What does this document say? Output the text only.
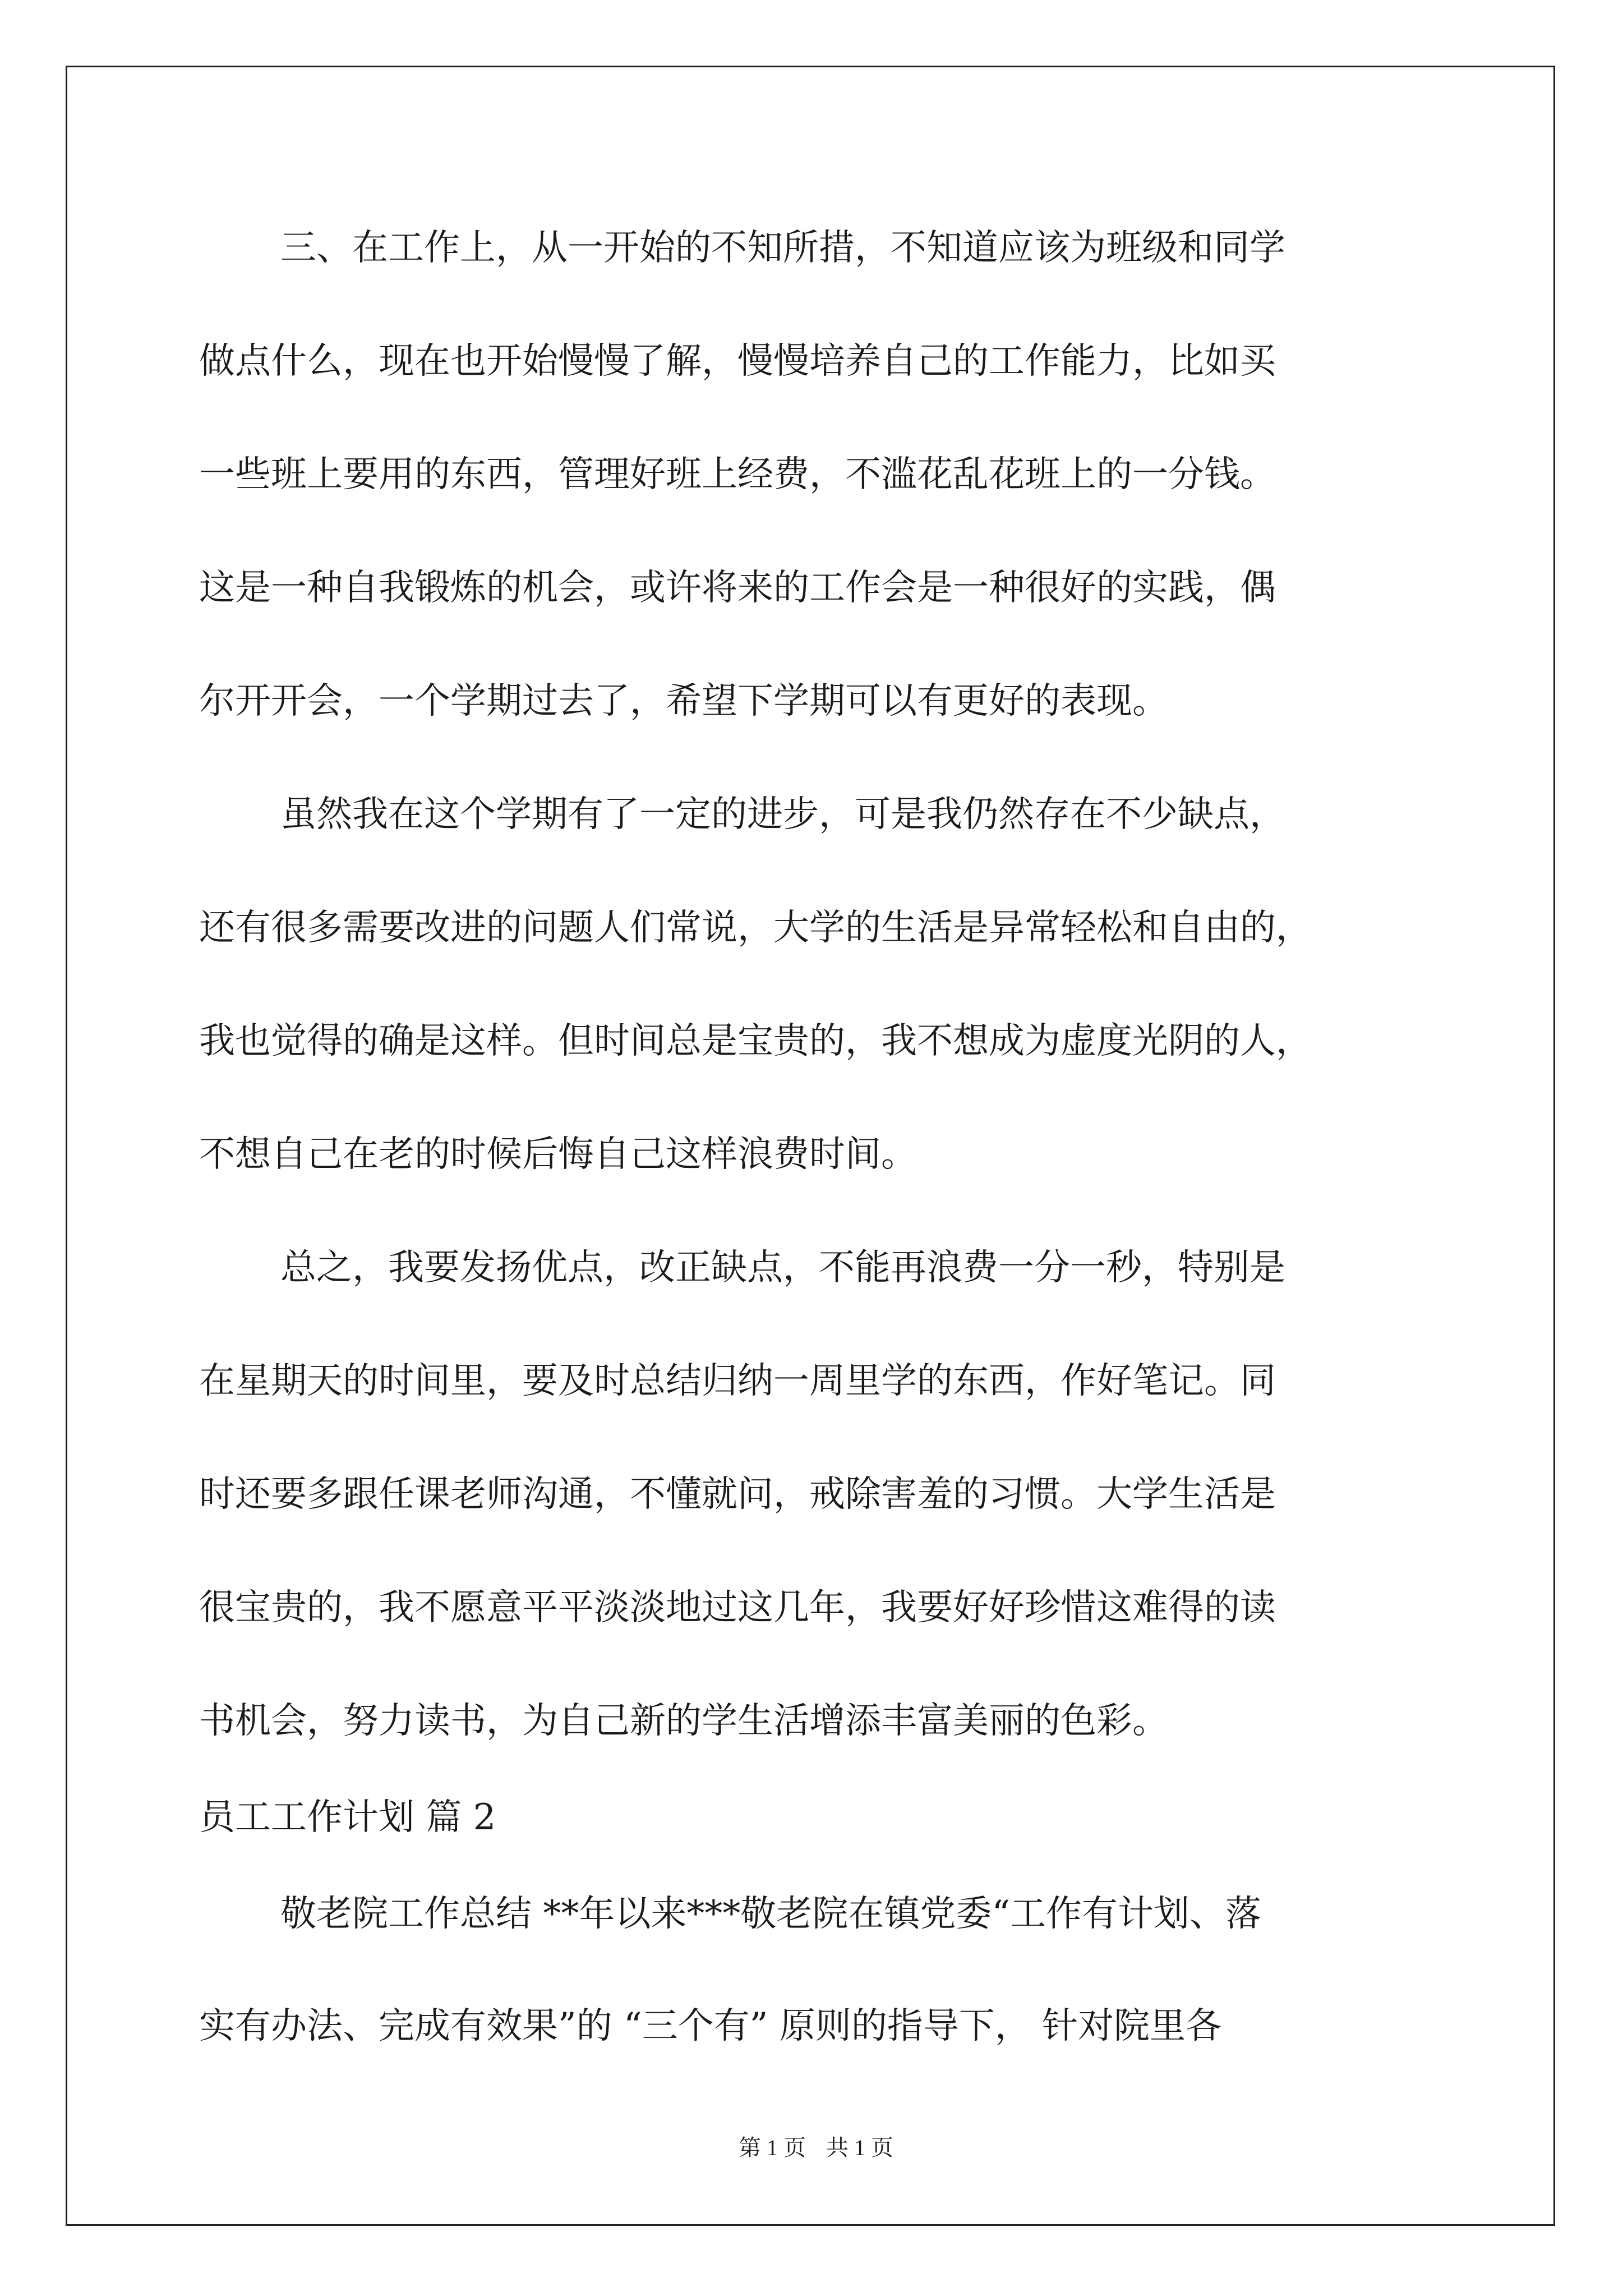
三、在工作上，从一开始的不知所措，不知道应该为班级和同学
做点什么，现在也开始慢慢了解，慢慢培养自己的工作能力，比如买
一些班上要用的东西，管理好班上经费，不滥花乱花班上的一分钱。
这是一种自我锻炼的机会，或许将来的工作会是一种很好的实践，偶
尔开开会，一个学期过去了，希望下学期可以有更好的表现。
虽然我在这个学期有了一定的进步，可是我仍然存在不少缺点，
还有很多需要改进的问题人们常说，大学的生活是异常轻松和自由的，
我也觉得的确是这样。但时间总是宝贵的，我不想成为虚度光阴的人，
不想自己在老的时候后悔自己这样浪费时间。
总之，我要发扬优点，改正缺点，不能再浪费一分一秒，特别是
在星期天的时间里，要及时总结归纳一周里学的东西，作好笔记。同
时还要多跟任课老师沟通，不懂就问，戒除害羞的习惯。大学生活是
很宝贵的，我不愿意平平淡淡地过这几年，我要好好珍惜这难得的读
书机会，努力读书，为自己新的学生活增添丰富美丽的色彩。
员工工作计划 篇 2
敬老院工作总结 **年以来***敬老院在镇党委“工作有计划、落
实有办法、完成有效果”的 “三个有” 原则的指导下， 针对院里各
第 1 页 共 1 页
